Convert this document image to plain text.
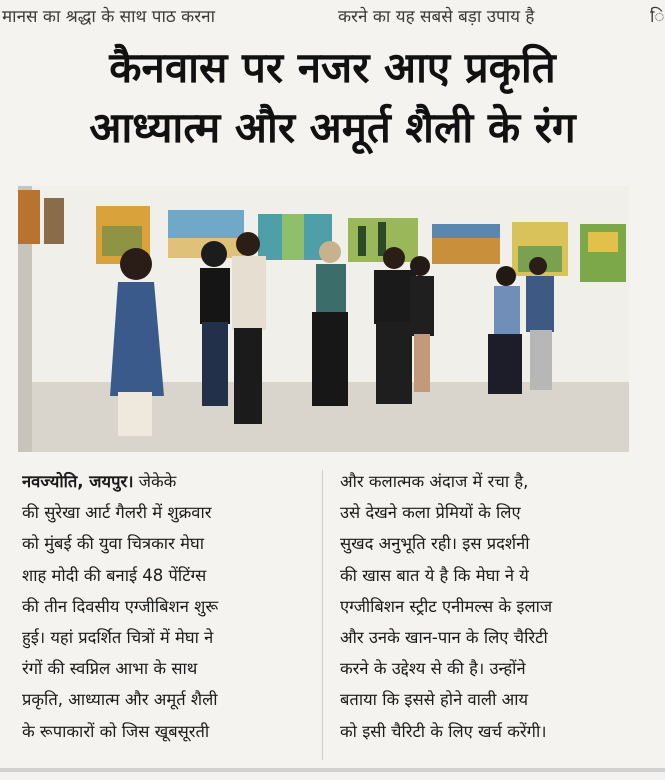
मानस का श्रद्धा के साथ पाठ करना	करने का यह सबसे बड़ा उपाय है	ि
कैनवास पर नजर आए प्रकृति
आध्यात्म और अमूर्त शैली के रंग
नवज्योति, जयपुर। जेकेके
की सुरेखा आर्ट गैलरी में शुक्रवार
को मुंबई की युवा चित्रकार मेघा
शाह मोदी की बनाई 48 पेंटिंग्स
की तीन दिवसीय एग्जीबिशन शुरू
हुई। यहां प्रदर्शित चित्रों में मेघा ने
रंगों की स्वप्निल आभा के साथ
प्रकृति, आध्यात्म और अमूर्त शैली
के रूपाकारों को जिस खूबसूरती
और कलात्मक अंदाज में रचा है,
उसे देखने कला प्रेमियों के लिए
सुखद अनुभूति रही। इस प्रदर्शनी
की खास बात ये है कि मेघा ने ये
एग्जीबिशन स्ट्रीट एनीमल्स के इलाज
और उनके खान-पान के लिए चैरिटी
करने के उद्देश्य से की है। उन्होंने
बताया कि इससे होने वाली आय
को इसी चैरिटी के लिए खर्च करेंगी।
